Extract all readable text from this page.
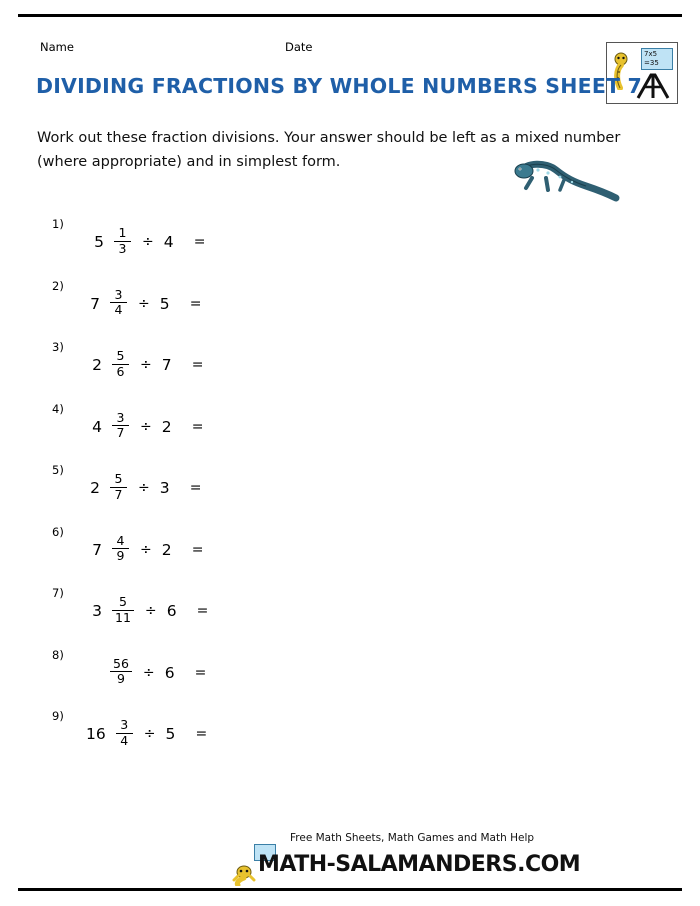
Name	Date	7x5
=35
DIVIDING FRACTIONS BY WHOLE NUMBERS SHEET 7
Work out these fraction divisions. Your answer should be left as a mixed number (where appropriate) and in simplest form.
1)
$5 \frac{1}{3} \div 4$ =
2)
$7 \frac{3}{4} \div 5$ =
3)
$2 \frac{5}{6} \div 7$ =
4)
$4 \frac{3}{7} \div 2$ =
5)
$2 \frac{5}{7} \div 3$ =
6)
$7 \frac{4}{9} \div 2$ =
7)
$3 \frac{5}{11} \div 6$ =
8)
$\frac{56}{9} \div 6$ =
9)
$16 \frac{3}{4} \div 5$ =
Free Math Sheets, Math Games and Math Help
MATH-SALAMANDERS.COM
